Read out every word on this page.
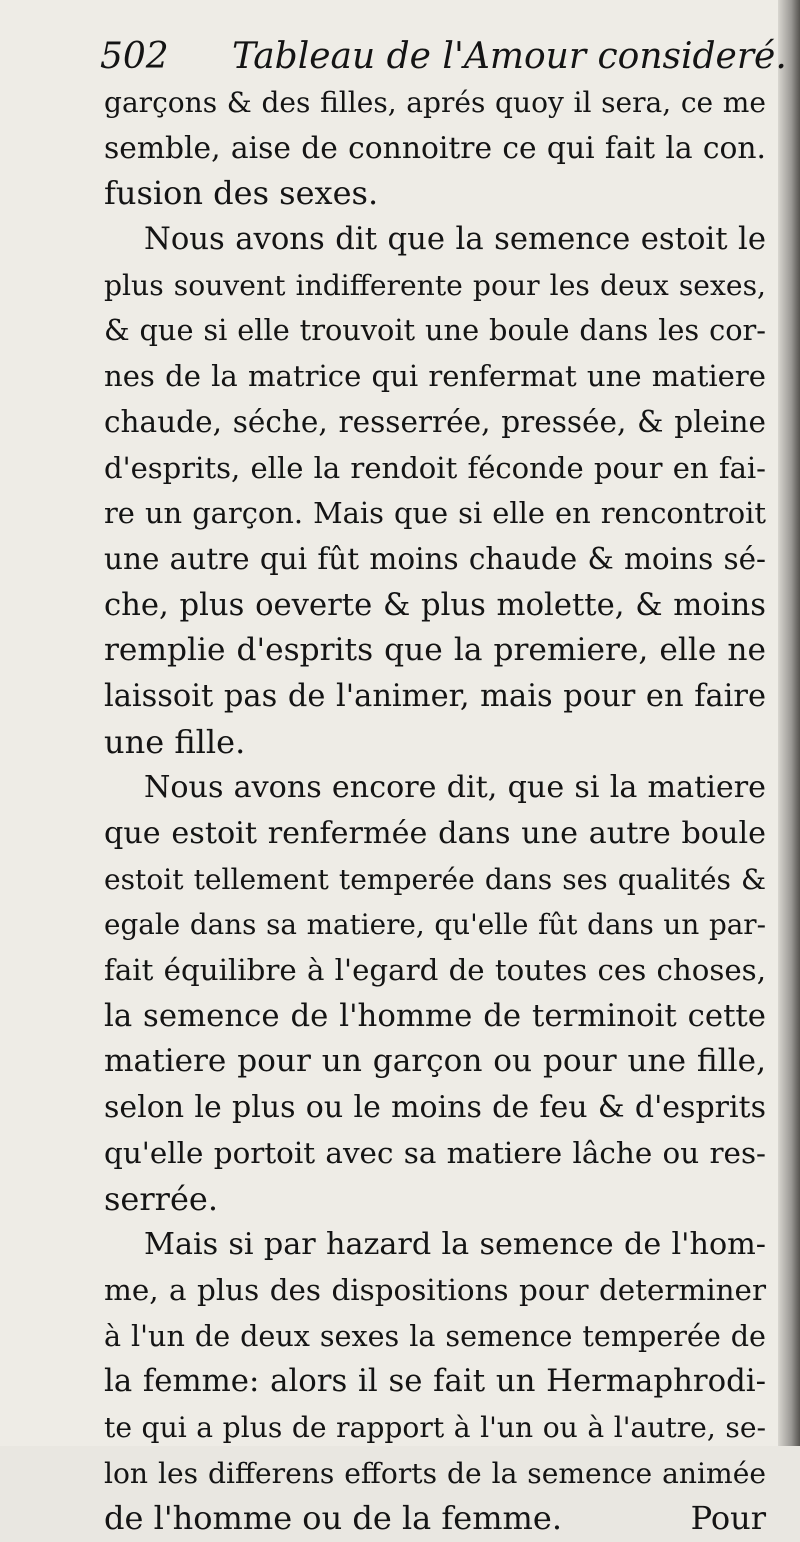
502 Tableau de l'Amour consideré.
garçons & des filles, aprés quoy il sera, ce me
semble, aise de connoitre ce qui fait la con.
fusion des sexes.
Nous avons dit que la semence estoit le
plus souvent indifferente pour les deux sexes,
& que si elle trouvoit une boule dans les cor-
nes de la matrice qui renfermat une matiere
chaude, séche, resserrée, pressée, & pleine
d'esprits, elle la rendoit féconde pour en fai-
re un garçon. Mais que si elle en rencontroit
une autre qui fût moins chaude & moins sé-
che, plus oeverte & plus molette, & moins
remplie d'esprits que la premiere, elle ne
laissoit pas de l'animer, mais pour en faire
une fille.
Nous avons encore dit, que si la matiere
que estoit renfermée dans une autre boule
estoit tellement temperée dans ses qualités &
egale dans sa matiere, qu'elle fût dans un par-
fait équilibre à l'egard de toutes ces choses,
la semence de l'homme de terminoit cette
matiere pour un garçon ou pour une fille,
selon le plus ou le moins de feu & d'esprits
qu'elle portoit avec sa matiere lâche ou res-
serrée.
Mais si par hazard la semence de l'hom-
me, a plus des dispositions pour determiner
à l'un de deux sexes la semence temperée de
la femme: alors il se fait un Hermaphrodi-
te qui a plus de rapport à l'un ou à l'autre, se-
lon les differens efforts de la semence animée
de l'homme ou de la femme.	Pour
